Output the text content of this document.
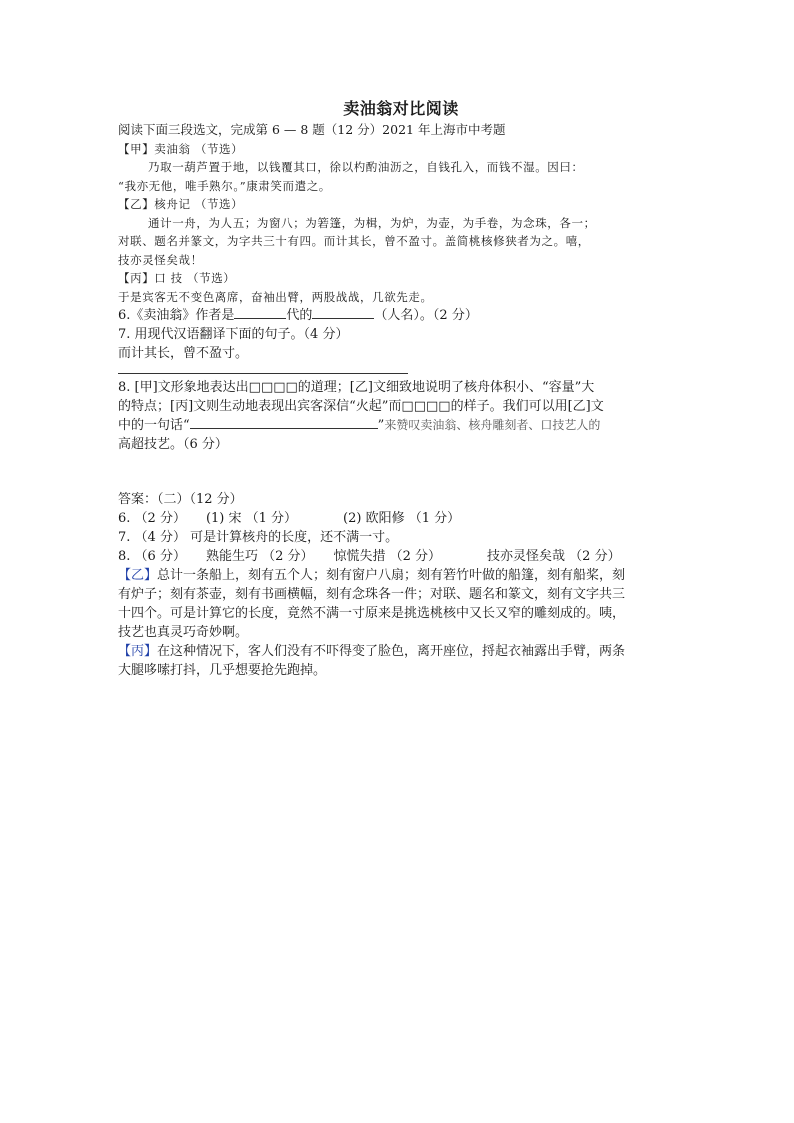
卖油翁对比阅读
阅读下面三段选文，完成第 6 — 8 题（12 分）2021 年上海市中考题
【甲】卖油翁 （节选）
乃取一葫芦置于地，以钱覆其口，徐以杓酌油沥之，自钱孔入，而钱不湿。因曰：
“我亦无他，唯手熟尔。”康肃笑而遣之。
【乙】核舟记 （节选）
通计一舟，为人五；为窗八；为箬篷，为楫，为炉，为壶，为手卷，为念珠，各一；
对联、题名并篆文，为字共三十有四。而计其长，曾不盈寸。盖简桃核修狭者为之。嘻，
技亦灵怪矣哉！
【丙】口 技 （节选）
于是宾客无不变色离席，奋袖出臂，两股战战，几欲先走。
6.《卖油翁》作者是	代的	（人名）。（2 分）
7. 用现代汉语翻译下面的句子。（4 分）
而计其长，曾不盈寸。
8. [甲]文形象地表达出□□□□的道理；[乙]文细致地说明了核舟体积小、“容量”大
的特点；[丙]文则生动地表现出宾客深信“火起”而□□□□的样子。我们可以用[乙]文
中的一句话“	”来赞叹卖油翁、核舟雕刻者、口技艺人的
高超技艺。（6 分）
答案：（二）（12 分）
6. （2 分） (1) 宋 （1 分）	(2) 欧阳修 （1 分）
7. （4 分） 可是计算核舟的长度，还不满一寸。
8. （6 分） 熟能生巧 （2 分） 惊慌失措 （2 分）	技亦灵怪矣哉 （2 分）
【乙】总计一条船上，刻有五个人；刻有窗户八扇；刻有箬竹叶做的船篷，刻有船桨，刻
有炉子；刻有茶壶，刻有书画横幅，刻有念珠各一件；对联、题名和篆文，刻有文字共三
十四个。可是计算它的长度，竟然不满一寸原来是挑选桃核中又长又窄的雕刻成的。咦，
技艺也真灵巧奇妙啊。
【丙】在这种情况下，客人们没有不吓得变了脸色，离开座位，捋起衣袖露出手臂，两条
大腿哆嗦打抖，几乎想要抢先跑掉。
